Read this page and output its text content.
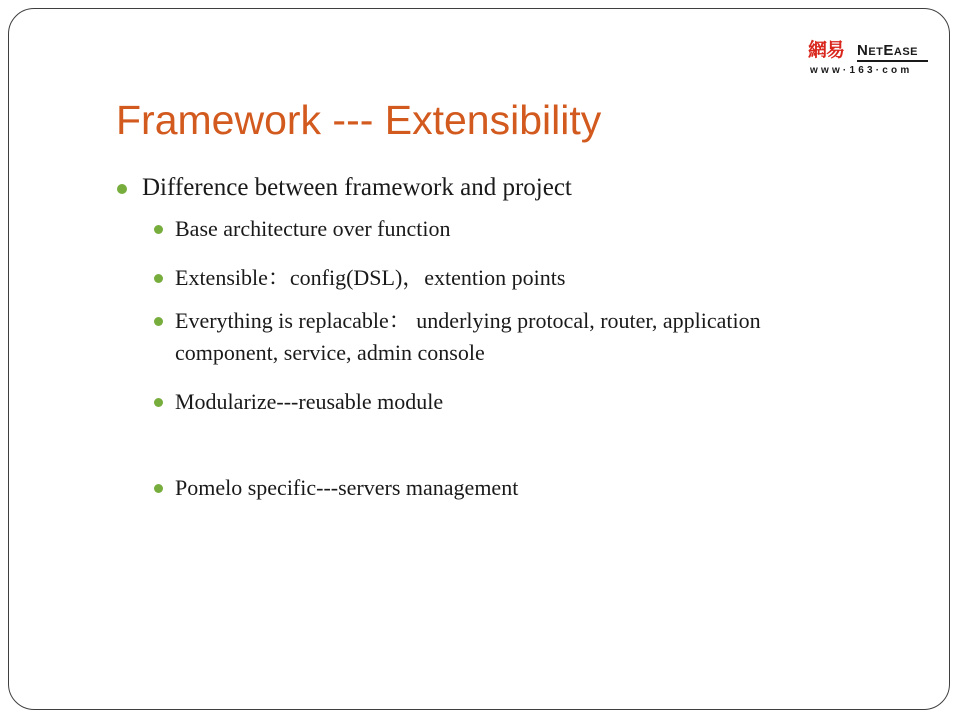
網易 NetEase
www·163·com
Framework --- Extensibility
Difference between framework and project
Base architecture over function
Extensible：config(DSL)，extention points
Everything is replacable： underlying protocal, router, application component, service, admin console
Modularize---reusable module
Pomelo specific---servers management
